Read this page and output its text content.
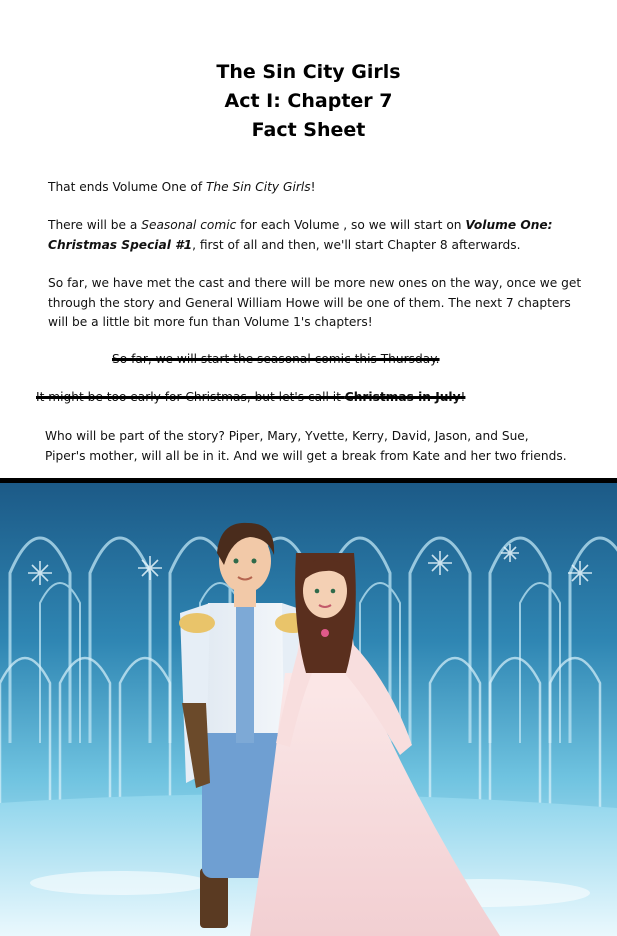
The Sin City Girls
Act I: Chapter 7
Fact Sheet
That ends Volume One of The Sin City Girls!
There will be a Seasonal comic for each Volume , so we will start on Volume One:
Christmas Special #1, first of all and then, we'll start Chapter 8 afterwards.
So far, we have met the cast and there will be more new ones on the way, once we get
through the story and General William Howe will be one of them. The next 7 chapters
will be a little bit more fun than Volume 1's chapters!
So far, we will start the seasonal comic this Thursday.
It might be too early for Christmas, but let's call it Christmas in July!
Who will be part of the story? Piper, Mary, Yvette, Kerry, David, Jason, and Sue,
Piper's mother, will all be in it. And we will get a break from Kate and her two friends.
